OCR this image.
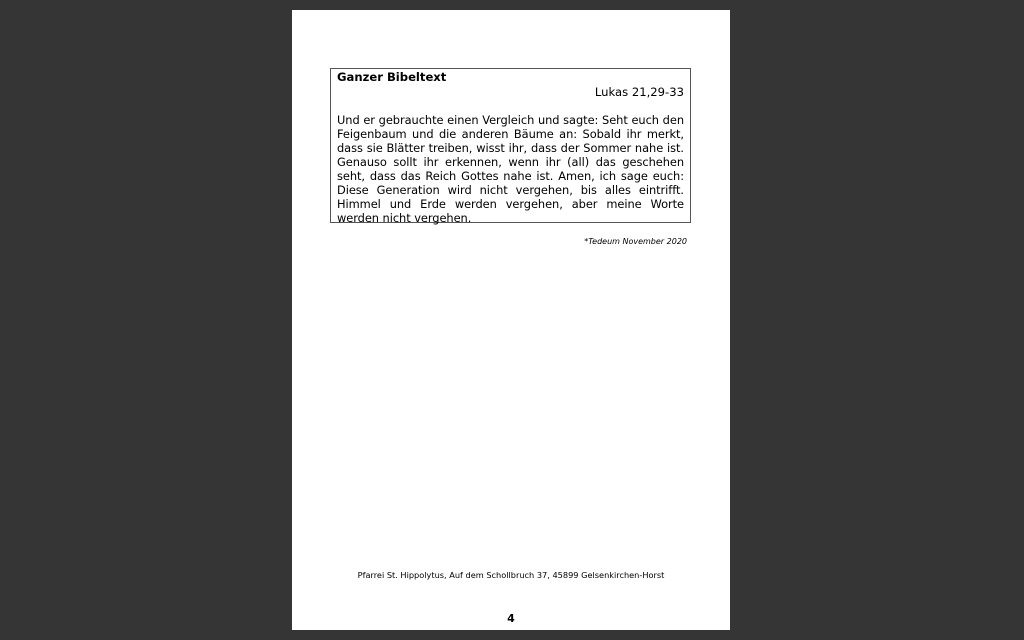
Ganzer Bibeltext
Lukas 21,29-33
Und er gebrauchte einen Vergleich und sagte: Seht euch den Feigenbaum und die anderen Bäume an: Sobald ihr merkt, dass sie Blätter treiben, wisst ihr, dass der Sommer nahe ist. Genauso sollt ihr erkennen, wenn ihr (all) das geschehen seht, dass das Reich Gottes nahe ist. Amen, ich sage euch: Diese Generation wird nicht vergehen, bis alles eintrifft. Himmel und Erde werden vergehen, aber meine Worte werden nicht vergehen.
*Tedeum November 2020
Pfarrei St. Hippolytus, Auf dem Schollbruch 37, 45899 Gelsenkirchen-Horst
4
